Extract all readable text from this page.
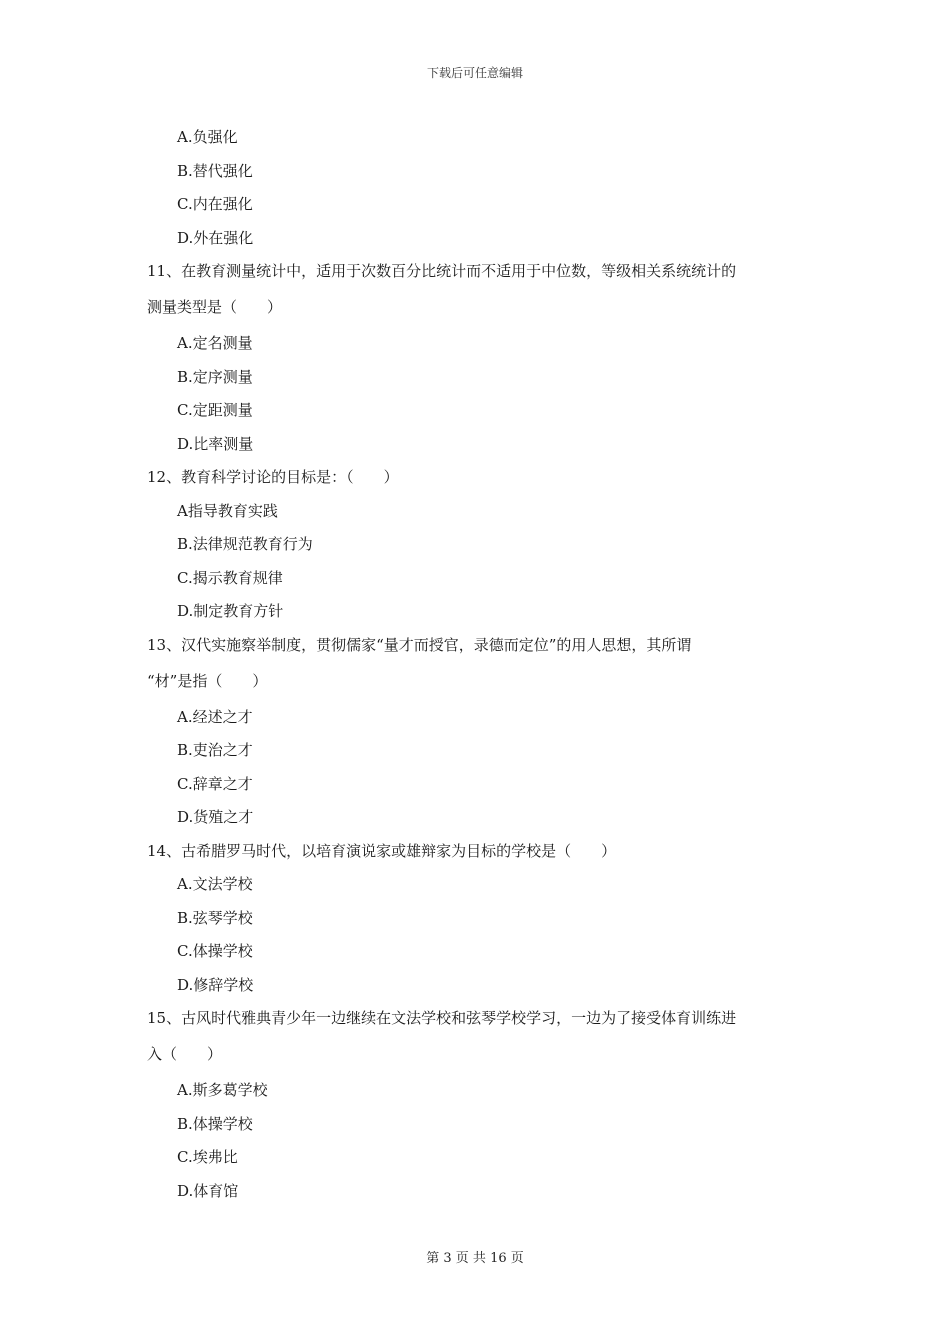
下载后可任意编辑
A.负强化
B.替代强化
C.内在强化
D.外在强化
11、在教育测量统计中，适用于次数百分比统计而不适用于中位数，等级相关系统统计的
测量类型是（　　）
A.定名测量
B.定序测量
C.定距测量
D.比率测量
12、教育科学讨论的目标是：（　　）
A指导教育实践
B.法律规范教育行为
C.揭示教育规律
D.制定教育方针
13、汉代实施察举制度，贯彻儒家“量才而授官，录德而定位”的用人思想，其所谓
“材”是指（　　）
A.经述之才
B.吏治之才
C.辞章之才
D.货殖之才
14、古希腊罗马时代，以培育演说家或雄辩家为目标的学校是（　　）
A.文法学校
B.弦琴学校
C.体操学校
D.修辞学校
15、古风时代雅典青少年一边继续在文法学校和弦琴学校学习，一边为了接受体育训练进
入（　　）
A.斯多葛学校
B.体操学校
C.埃弗比
D.体育馆
第 3 页 共 16 页
